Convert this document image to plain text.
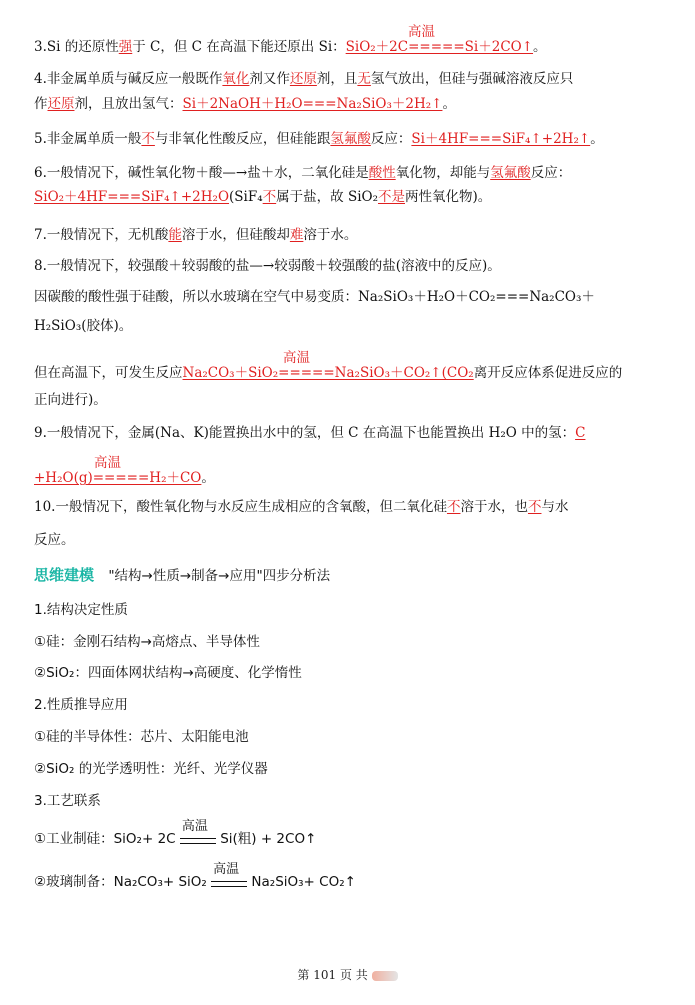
高温
3.Si 的还原性强于 C，但 C 在高温下能还原出 Si：SiO₂＋2C=====Si＋2CO↑。
4.非金属单质与碱反应一般既作氧化剂又作还原剂，且无氢气放出，但硅与强碱溶液反应只
作还原剂，且放出氢气：Si＋2NaOH＋H₂O===Na₂SiO₃＋2H₂↑。
5.非金属单质一般不与非氧化性酸反应，但硅能跟氢氟酸反应：Si＋4HF===SiF₄↑+2H₂↑。
6.一般情况下，碱性氧化物＋酸—→盐＋水，二氧化硅是酸性氧化物，却能与氢氟酸反应：
SiO₂＋4HF===SiF₄↑+2H₂O(SiF₄不属于盐，故 SiO₂不是两性氧化物)。
7.一般情况下，无机酸能溶于水，但硅酸却难溶于水。
8.一般情况下，较强酸＋较弱酸的盐—→较弱酸＋较强酸的盐(溶液中的反应)。
因碳酸的酸性强于硅酸，所以水玻璃在空气中易变质：Na₂SiO₃＋H₂O＋CO₂===Na₂CO₃＋
H₂SiO₃(胶体)。
高温
但在高温下，可发生反应Na₂CO₃＋SiO₂=====Na₂SiO₃＋CO₂↑(CO₂离开反应体系促进反应的
正向进行)。
9.一般情况下，金属(Na、K)能置换出水中的氢，但 C 在高温下也能置换出 H₂O 中的氢：C
高温
+H₂O(g)=====H₂＋CO。
10.一般情况下，酸性氧化物与水反应生成相应的含氧酸，但二氧化硅不溶于水，也不与水
反应。
思维建模 "结构→性质→制备→应用"四步分析法
1.结构决定性质
①硅：金刚石结构→高熔点、半导体性
②SiO₂：四面体网状结构→高硬度、化学惰性
2.性质推导应用
①硅的半导体性：芯片、太阳能电池
②SiO₂ 的光学透明性：光纤、光学仪器
3.工艺联系
①工业制硅：SiO₂+ 2C
高温
Si(粗) + 2CO↑
②玻璃制备：Na₂CO₃+ SiO₂
高温
Na₂SiO₃+ CO₂↑
第 101 页 共
